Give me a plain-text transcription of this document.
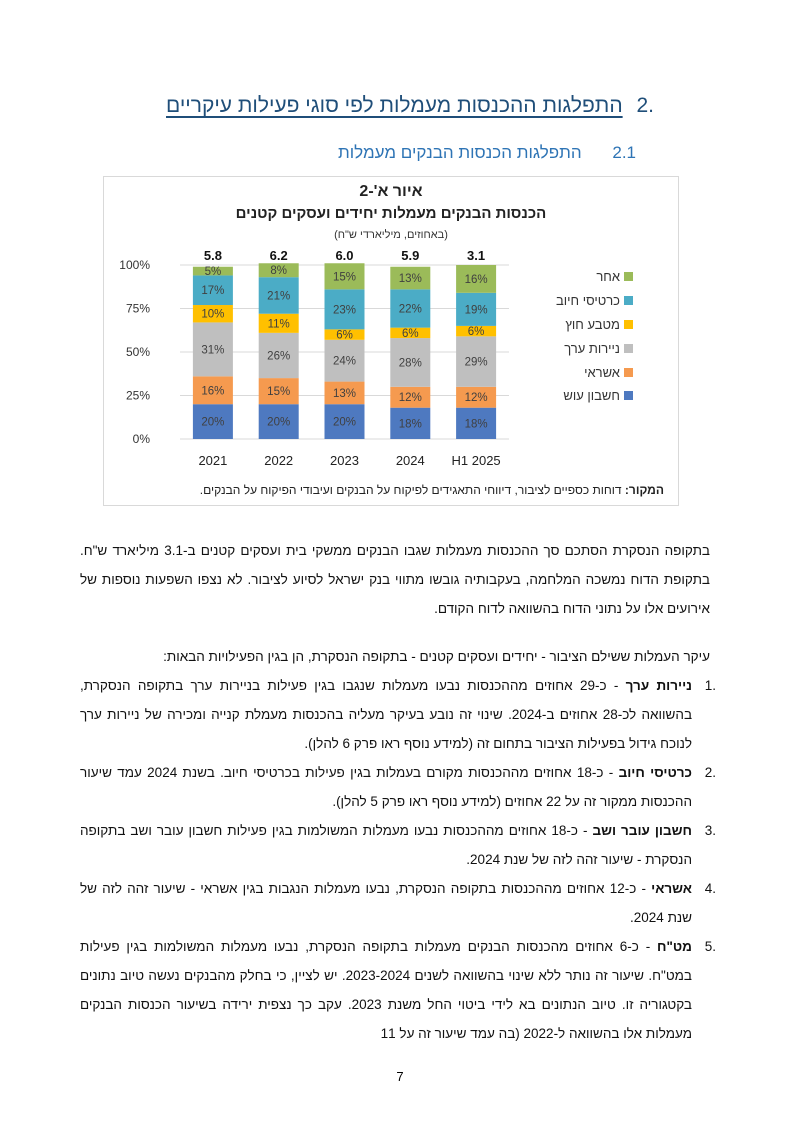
.2 התפלגות ההכנסות מעמלות לפי סוגי פעילות עיקריים
2.1 התפלגות הכנסות הבנקים מעמלות
איור א'-2
הכנסות הבנקים מעמלות יחידים ועסקים קטנים
(באחוזים, מיליארדי ש"ח)
0%
25%
50%
75%
100%
20%
16%
31%
10%
17%
5%
5.8
2021
20%
15%
26%
11%
21%
8%
6.2
2022
20%
13%
24%
6%
23%
15%
6.0
2023
18%
12%
28%
6%
22%
13%
5.9
2024
18%
12%
29%
6%
19%
16%
3.1
H1 2025
אחר
כרטיסי חיוב
מטבע חוץ
ניירות ערך
אשראי
חשבון עוש
המקור: דוחות כספיים לציבור, דיווחי התאגידים לפיקוח על הבנקים ועיבודי הפיקוח על הבנקים.
בתקופה הנסקרת הסתכם סך ההכנסות מעמלות שגבו הבנקים ממשקי בית ועסקים קטנים ב-3.1 מיליארד ש"ח. בתקופת הדוח נמשכה המלחמה, בעקבותיה גובשו מתווי בנק ישראל לסיוע לציבור. לא נצפו השפעות נוספות של אירועים אלו על נתוני הדוח בהשוואה לדוח הקודם.
עיקר העמלות ששילם הציבור - יחידים ועסקים קטנים - בתקופה הנסקרת, הן בגין הפעילויות הבאות:
1.
ניירות ערך - כ-29 אחוזים מההכנסות נבעו מעמלות שנגבו בגין פעילות בניירות ערך בתקופה הנסקרת, בהשוואה לכ-28 אחוזים ב-2024. שינוי זה נובע בעיקר מעליה בהכנסות מעמלת קנייה ומכירה של ניירות ערך לנוכח גידול בפעילות הציבור בתחום זה (למידע נוסף ראו פרק 6 להלן).
2.
כרטיסי חיוב - כ-18 אחוזים מההכנסות מקורם בעמלות בגין פעילות בכרטיסי חיוב. בשנת 2024 עמד שיעור ההכנסות ממקור זה על 22 אחוזים (למידע נוסף ראו פרק 5 להלן).
3.
חשבון עובר ושב - כ-18 אחוזים מההכנסות נבעו מעמלות המשולמות בגין פעילות חשבון עובר ושב בתקופה הנסקרת - שיעור זהה לזה של שנת 2024.
4.
אשראי - כ-12 אחוזים מההכנסות בתקופה הנסקרת, נבעו מעמלות הנגבות בגין אשראי - שיעור זהה לזה של שנת 2024.
5.
מט"ח - כ-6 אחוזים מהכנסות הבנקים מעמלות בתקופה הנסקרת, נבעו מעמלות המשולמות בגין פעילות במט"ח. שיעור זה נותר ללא שינוי בהשוואה לשנים 2023-2024. יש לציין, כי בחלק מהבנקים נעשה טיוב נתונים בקטגוריה זו. טיוב הנתונים בא לידי ביטוי החל משנת 2023. עקב כך נצפית ירידה בשיעור הכנסות הבנקים מעמלות אלו בהשוואה ל-2022 (בה עמד שיעור זה על 11
7
